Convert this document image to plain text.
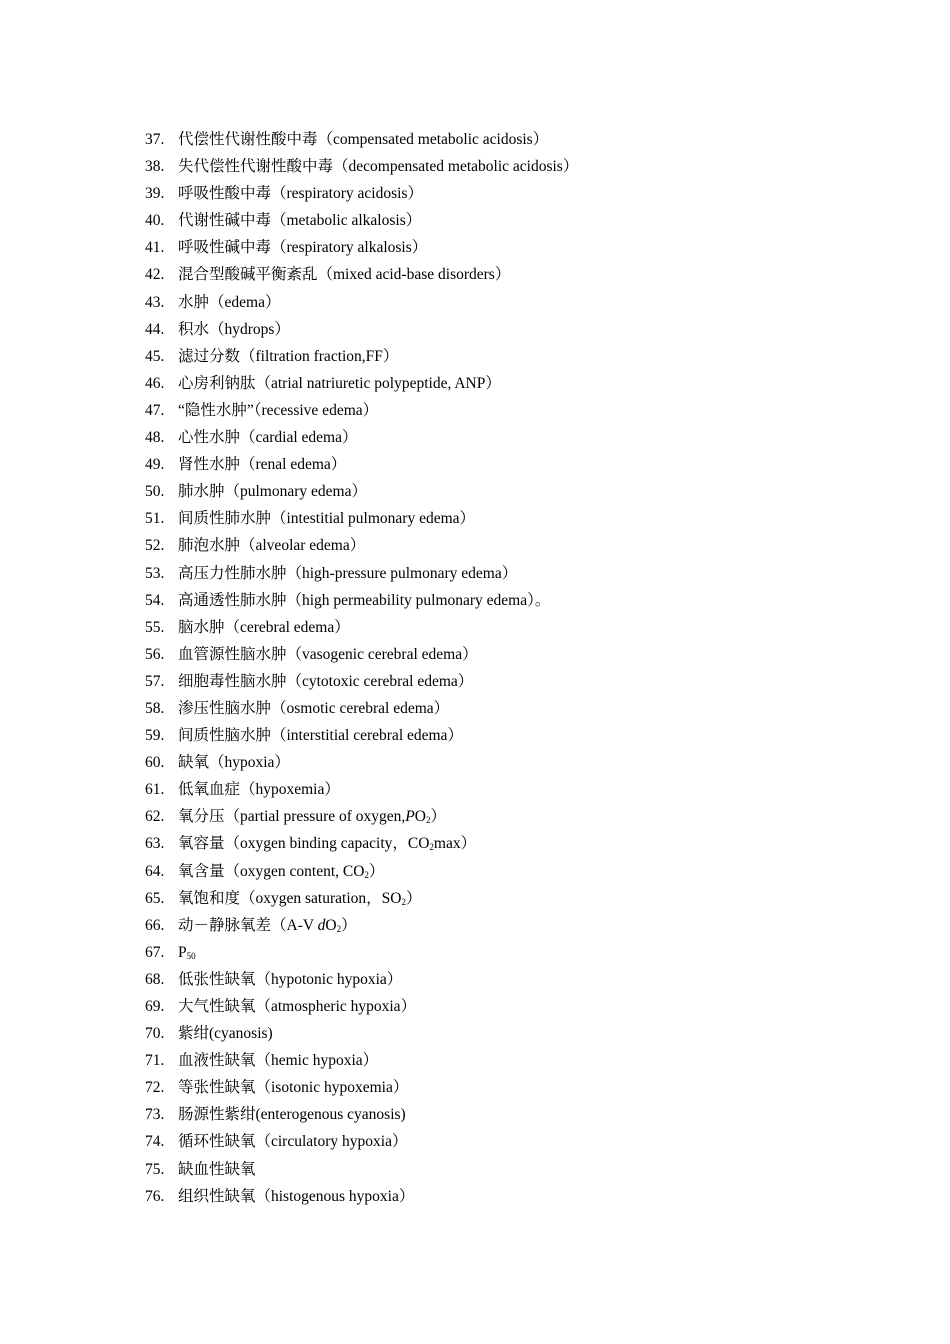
37. 代偿性代谢性酸中毒（compensated metabolic acidosis）
38. 失代偿性代谢性酸中毒（decompensated metabolic acidosis）
39. 呼吸性酸中毒（respiratory acidosis）
40. 代谢性碱中毒（metabolic alkalosis）
41. 呼吸性碱中毒（respiratory alkalosis）
42. 混合型酸碱平衡紊乱（mixed acid-base disorders）
43. 水肿（edema）
44. 积水（hydrops）
45. 滤过分数（filtration fraction,FF）
46. 心房利钠肽（atrial natriuretic polypeptide, ANP）
47. “隐性水肿”（recessive edema）
48. 心性水肿（cardial edema）
49. 肾性水肿（renal edema）
50. 肺水肿（pulmonary edema）
51. 间质性肺水肿（intestitial pulmonary edema）
52. 肺泡水肿（alveolar edema）
53. 高压力性肺水肿（high-pressure pulmonary edema）
54. 高通透性肺水肿（high permeability pulmonary edema）。
55. 脑水肿（cerebral edema）
56. 血管源性脑水肿（vasogenic cerebral edema）
57. 细胞毒性脑水肿（cytotoxic cerebral edema）
58. 渗压性脑水肿（osmotic cerebral edema）
59. 间质性脑水肿（interstitial cerebral edema）
60. 缺氧（hypoxia）
61. 低氧血症（hypoxemia）
62. 氧分压（partial pressure of $oxygen,PO_2$）
63. 氧容量（oxygen binding capacity，$CO_2\max$）
64. 氧含量（oxygen content, $CO_2$）
65. 氧饱和度（oxygen saturation，$SO_2$）
66. 动－静脉氧差（A-V $dO_2$）
67. $P_{50}$
68. 低张性缺氧（hypotonic hypoxia）
69. 大气性缺氧（atmospheric hypoxia）
70. 紫绀(cyanosis)
71. 血液性缺氧（hemic hypoxia）
72. 等张性缺氧（isotonic hypoxemia）
73. 肠源性紫绀(enterogenous cyanosis)
74. 循环性缺氧（circulatory hypoxia）
75. 缺血性缺氧
76. 组织性缺氧（histogenous hypoxia）
